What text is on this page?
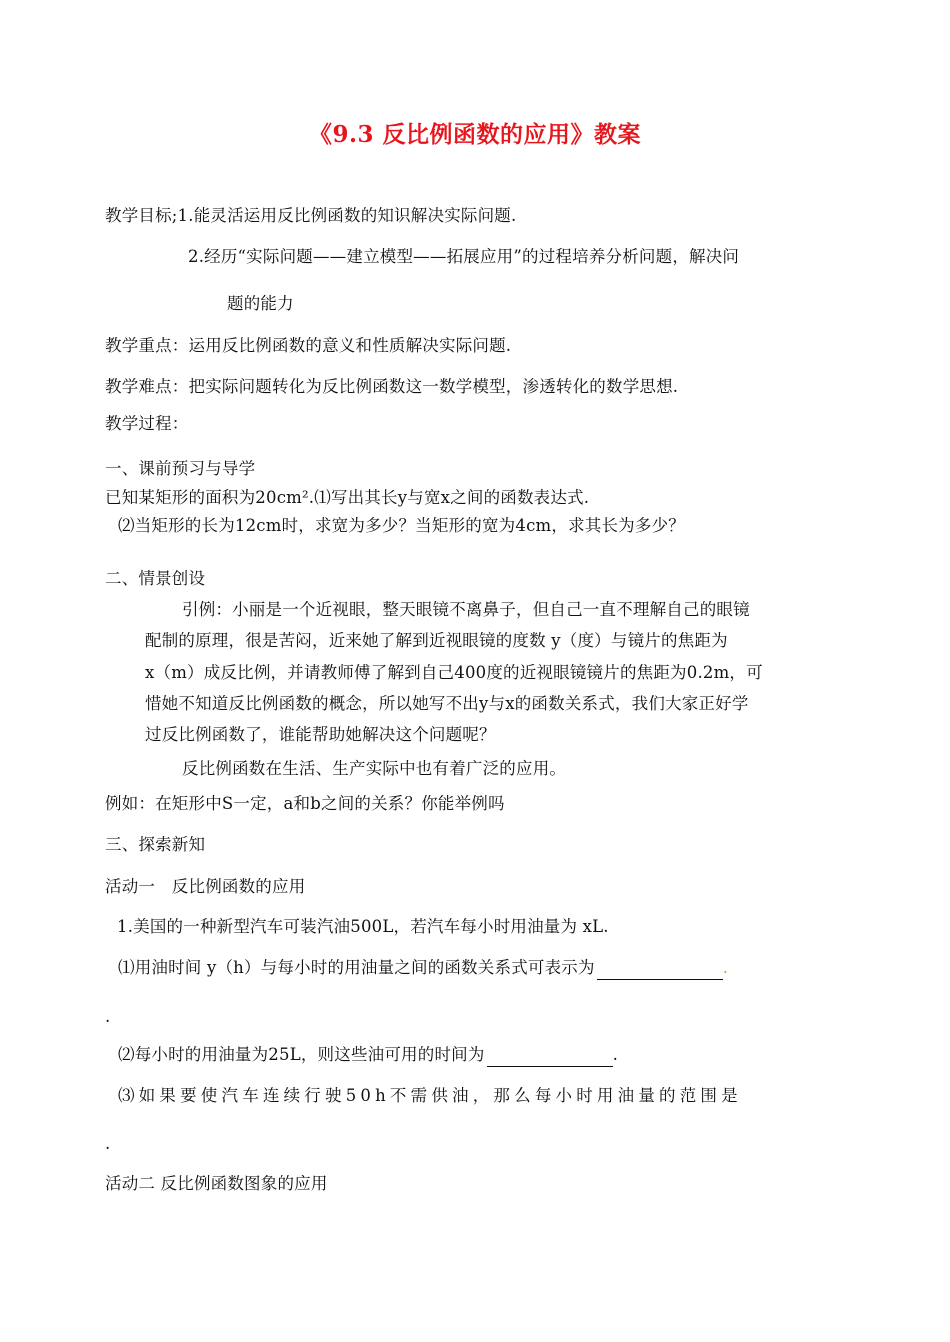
《9.3 反比例函数的应用》教案
教学目标;1.能灵活运用反比例函数的知识解决实际问题.
2.经历“实际问题——建立模型——拓展应用”的过程培养分析问题，解决问
题的能力
教学重点：运用反比例函数的意义和性质解决实际问题.
教学难点：把实际问题转化为反比例函数这一数学模型，渗透转化的数学思想.
教学过程：
一、课前预习与导学
已知某矩形的面积为20cm².⑴写出其长y与宽x之间的函数表达式.
⑵当矩形的长为12cm时，求宽为多少？当矩形的宽为4cm，求其长为多少？
二、情景创设
引例：小丽是一个近视眼，整天眼镜不离鼻子，但自己一直不理解自己的眼镜
配制的原理，很是苦闷，近来她了解到近视眼镜的度数 y（度）与镜片的焦距为
x（m）成反比例，并请教师傅了解到自己400度的近视眼镜镜片的焦距为0.2m，可
惜她不知道反比例函数的概念，所以她写不出y与x的函数关系式，我们大家正好学
过反比例函数了，谁能帮助她解决这个问题呢？
反比例函数在生活、生产实际中也有着广泛的应用。
例如：在矩形中S一定，a和b之间的关系？你能举例吗
三、探索新知
活动一　反比例函数的应用
1.美国的一种新型汽车可装汽油500L，若汽车每小时用油量为 xL.
⑴用油时间 y（h）与每小时的用油量之间的函数关系式可表示为	.
.
⑵每小时的用油量为25L，则这些油可用的时间为	.
⑶如果要使汽车连续行驶50h不需供油，那么每小时用油量的范围是
.
活动二 反比例函数图象的应用
